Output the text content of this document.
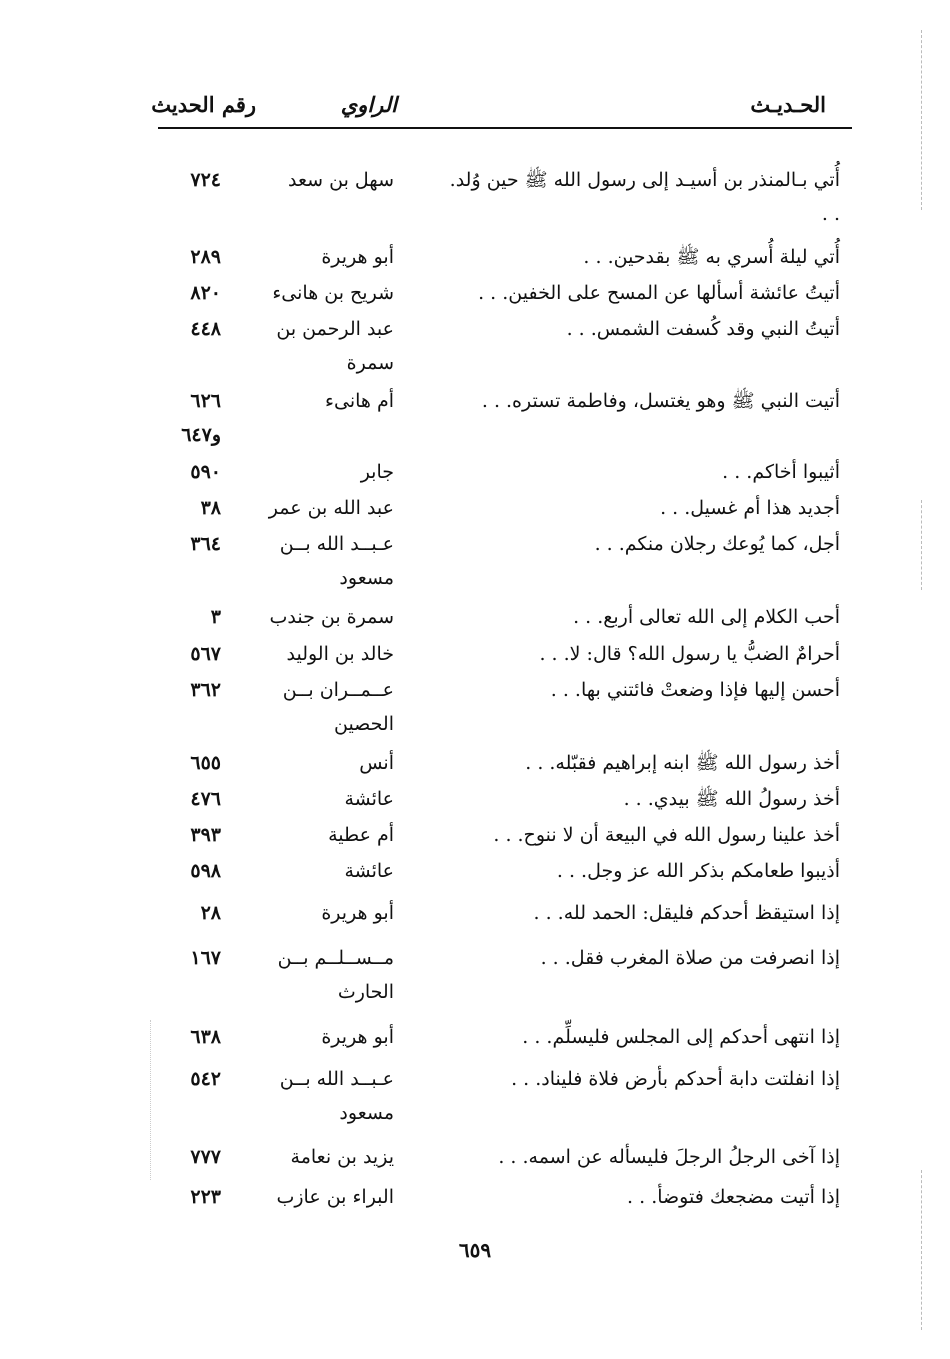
الحـديـث
الراوي
رقم الحديث
أُتي بـالمنذر بن أسيـد إلى رسول الله ﷺ حين وُلد. . .
سهل بن سعد
٧٢٤
أُتي ليلة أُسري به ﷺ بقدحين. . .
أبو هريرة
٢٨٩
أتيتُ عائشة أسألها عن المسح على الخفين. . .
شريح بن هانىء
٨٢٠
أتيتُ النبي وقد كُسفت الشمس. . .
عبد الرحمن بن سمرة
٤٤٨
أتيت النبي ﷺ وهو يغتسل، وفاطمة تستره. . .
أم هانىء
٦٢٦ و٦٤٧
أثيبوا أخاكم. . .
جابر
٥٩٠
أجديد هذا أم غسيل. . .
عبد الله بن عمر
٣٨
أجل، كما يُوعك رجلان منكم. . .
عـبــد الله بــن مسعود
٣٦٤
أحب الكلام إلى الله تعالى أربع. . .
سمرة بن جندب
٣
أحرامٌ الضبُّ يا رسول الله؟ قال: لا. . .
خالد بن الوليد
٥٦٧
أحسن إليها فإذا وضعتْ فائتني بها. . .
عــمــران بــن الحصين
٣٦٢
أخذ رسول الله ﷺ ابنه إبراهيم فقبّله. . .
أنس
٦٥٥
أخذ رسولُ الله ﷺ بيدي. . .
عائشة
٤٧٦
أخذ علينا رسول الله في البيعة أن لا ننوح. . .
أم عطية
٣٩٣
أذيبوا طعامكم بذكر الله عز وجل. . .
عائشة
٥٩٨
إذا استيقظ أحدكم فليقل: الحمد لله. . .
أبو هريرة
٢٨
إذا انصرفت من صلاة المغرب فقل. . .
مــســلــم بــن الحارث
١٦٧
إذا انتهى أحدكم إلى المجلس فليسلِّم. . .
أبو هريرة
٦٣٨
إذا انفلتت دابة أحدكم بأرض فلاة فليناد. . .
عـبــد الله بــن مسعود
٥٤٢
إذا آخى الرجلُ الرجلَ فليسأله عن اسمه. . .
يزيد بن نعامة
٧٧٧
إذا أتيت مضجعك فتوضأ. . .
البراء بن عازب
٢٢٣
٦٥٩
